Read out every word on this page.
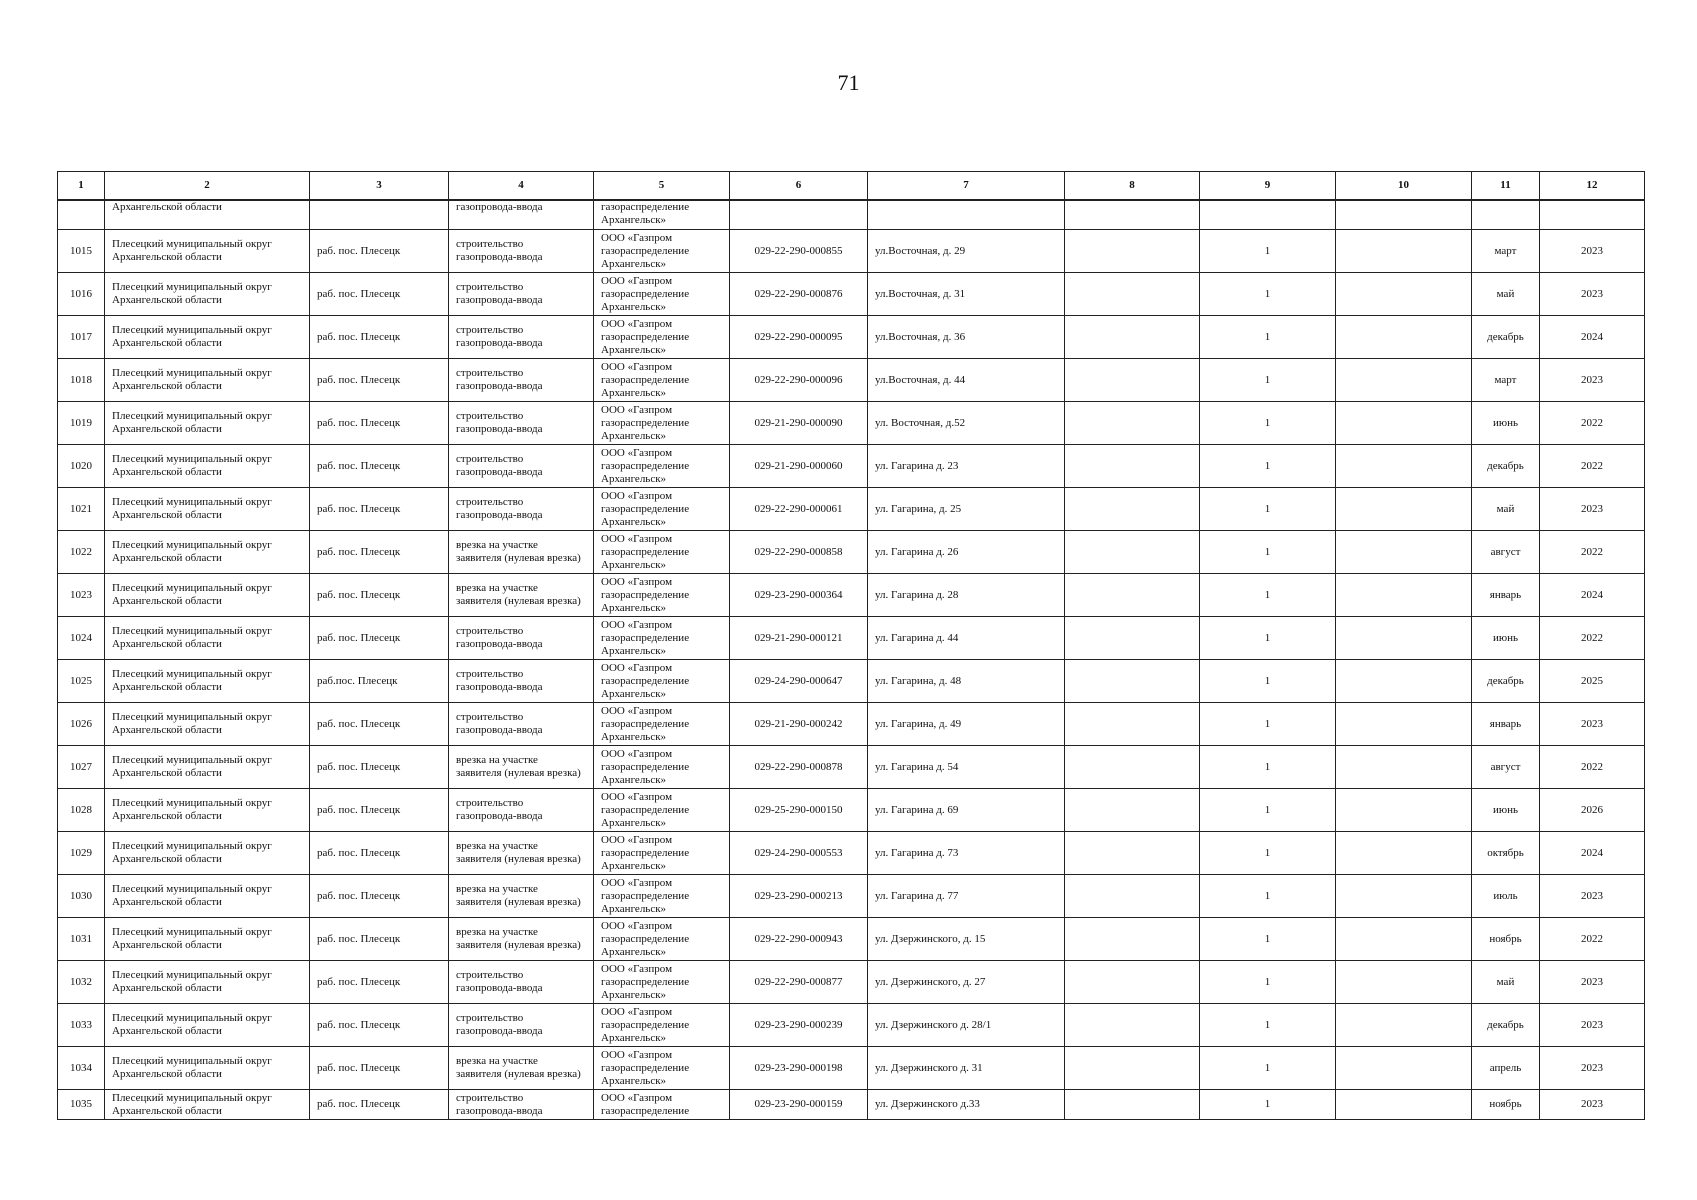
71
1	2	3	4	5	6	7	8	9	10	11	12
	Архангельской области		газопровода-ввода	газораспределение Архангельск»							
1015	Плесецкий муниципальный округ Архангельской области	раб. пос. Плесецк	строительство газопровода-ввода	ООО «Газпром газораспределение Архангельск»	029-22-290-000855	ул.Восточная, д. 29		1		март	2023
1016	Плесецкий муниципальный округ Архангельской области	раб. пос. Плесецк	строительство газопровода-ввода	ООО «Газпром газораспределение Архангельск»	029-22-290-000876	ул.Восточная, д. 31		1		май	2023
1017	Плесецкий муниципальный округ Архангельской области	раб. пос. Плесецк	строительство газопровода-ввода	ООО «Газпром газораспределение Архангельск»	029-22-290-000095	ул.Восточная, д. 36		1		декабрь	2024
1018	Плесецкий муниципальный округ Архангельской области	раб. пос. Плесецк	строительство газопровода-ввода	ООО «Газпром газораспределение Архангельск»	029-22-290-000096	ул.Восточная, д. 44		1		март	2023
1019	Плесецкий муниципальный округ Архангельской области	раб. пос. Плесецк	строительство газопровода-ввода	ООО «Газпром газораспределение Архангельск»	029-21-290-000090	ул. Восточная, д.52		1		июнь	2022
1020	Плесецкий муниципальный округ Архангельской области	раб. пос. Плесецк	строительство газопровода-ввода	ООО «Газпром газораспределение Архангельск»	029-21-290-000060	ул. Гагарина д. 23		1		декабрь	2022
1021	Плесецкий муниципальный округ Архангельской области	раб. пос. Плесецк	строительство газопровода-ввода	ООО «Газпром газораспределение Архангельск»	029-22-290-000061	ул. Гагарина, д. 25		1		май	2023
1022	Плесецкий муниципальный округ Архангельской области	раб. пос. Плесецк	врезка на участке заявителя (нулевая врезка)	ООО «Газпром газораспределение Архангельск»	029-22-290-000858	ул. Гагарина д. 26		1		август	2022
1023	Плесецкий муниципальный округ Архангельской области	раб. пос. Плесецк	врезка на участке заявителя (нулевая врезка)	ООО «Газпром газораспределение Архангельск»	029-23-290-000364	ул. Гагарина д. 28		1		январь	2024
1024	Плесецкий муниципальный округ Архангельской области	раб. пос. Плесецк	строительство газопровода-ввода	ООО «Газпром газораспределение Архангельск»	029-21-290-000121	ул. Гагарина д. 44		1		июнь	2022
1025	Плесецкий муниципальный округ Архангельской области	раб.пос. Плесецк	строительство газопровода-ввода	ООО «Газпром газораспределение Архангельск»	029-24-290-000647	ул. Гагарина, д. 48		1		декабрь	2025
1026	Плесецкий муниципальный округ Архангельской области	раб. пос. Плесецк	строительство газопровода-ввода	ООО «Газпром газораспределение Архангельск»	029-21-290-000242	ул. Гагарина, д. 49		1		январь	2023
1027	Плесецкий муниципальный округ Архангельской области	раб. пос. Плесецк	врезка на участке заявителя (нулевая врезка)	ООО «Газпром газораспределение Архангельск»	029-22-290-000878	ул. Гагарина д. 54		1		август	2022
1028	Плесецкий муниципальный округ Архангельской области	раб. пос. Плесецк	строительство газопровода-ввода	ООО «Газпром газораспределение Архангельск»	029-25-290-000150	ул. Гагарина д. 69		1		июнь	2026
1029	Плесецкий муниципальный округ Архангельской области	раб. пос. Плесецк	врезка на участке заявителя (нулевая врезка)	ООО «Газпром газораспределение Архангельск»	029-24-290-000553	ул. Гагарина д. 73		1		октябрь	2024
1030	Плесецкий муниципальный округ Архангельской области	раб. пос. Плесецк	врезка на участке заявителя (нулевая врезка)	ООО «Газпром газораспределение Архангельск»	029-23-290-000213	ул. Гагарина д. 77		1		июль	2023
1031	Плесецкий муниципальный округ Архангельской области	раб. пос. Плесецк	врезка на участке заявителя (нулевая врезка)	ООО «Газпром газораспределение Архангельск»	029-22-290-000943	ул. Дзержинского, д. 15		1		ноябрь	2022
1032	Плесецкий муниципальный округ Архангельской области	раб. пос. Плесецк	строительство газопровода-ввода	ООО «Газпром газораспределение Архангельск»	029-22-290-000877	ул. Дзержинского, д. 27		1		май	2023
1033	Плесецкий муниципальный округ Архангельской области	раб. пос. Плесецк	строительство газопровода-ввода	ООО «Газпром газораспределение Архангельск»	029-23-290-000239	ул. Дзержинского д. 28/1		1		декабрь	2023
1034	Плесецкий муниципальный округ Архангельской области	раб. пос. Плесецк	врезка на участке заявителя (нулевая врезка)	ООО «Газпром газораспределение Архангельск»	029-23-290-000198	ул. Дзержинского д. 31		1		апрель	2023
1035	Плесецкий муниципальный округ Архангельской области	раб. пос. Плесецк	строительство газопровода-ввода	ООО «Газпром газораспределение	029-23-290-000159	ул. Дзержинского д.33		1		ноябрь	2023
